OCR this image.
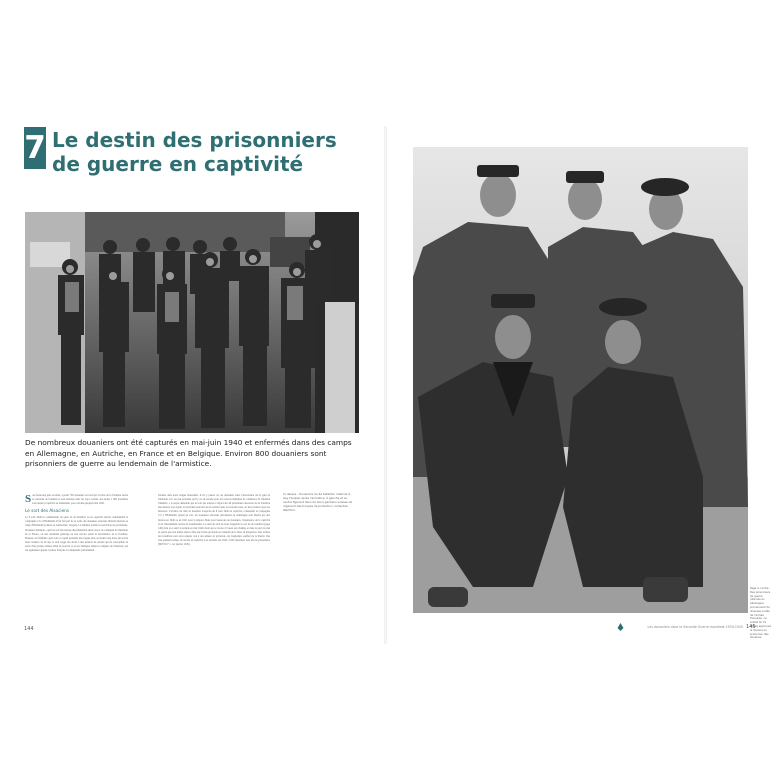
7 Le destin des prisonniers
de guerre en captivité

De nombreux douaniers ont été capturés en mai-juin 1940 et enfermés dans des camps en Allemagne, en Autriche, en France et en Belgique. Environ 800 douaniers sont prisonniers de guerre au lendemain de l'armistice.

Sont beaucoup plus en allée, à partir 700 douaniers ont envoyé à fronts de la frontière suivie sa sauvetée de l'ennemi et sont internés dans les pays voisins. Au moins 1 000 douaniers sont restés la captivité au lendemain, pour certains jusqu'en mai 1945.

Le sort des Alsaciens

Le 8 août 1940 le commandant du quart en 4e bataillon ou en captivité suivait commandant la compagnie 17e à l'Hohnleim. Il fut fait part de la sortie des douaniers alsaciens libérant internés au camp d'Hohnleim (canton de Guebwiller, Vosges). Le ministre traduit sa restriction de patriotisme. Douanier demande « qu'il ne soit fait aucune discrimination entre tous et ne cadiquant de l'intérieur de la France, ou une ensemble participe au leur service quant la surveillance de la frontière. Plusieur ces familiers qu'il sont la copien prendant une longue plus ou moins long mais qui seront dans certains cas 20 ans, le seul vegga des droits à une pension de retraite qui est susceptible de poser d'un groupe armées. Rien ne pouvait ce en ses bélingue séducer collègues de l'intérieur, qui ont également apprès à penser français et à impénétré parfaitement.

Tenante dans notre longue maternelle. Il n'a y penser on ces douaniers entre l'Alsacienne ont le gain de l'intérieur et il est peu probable qu'il y en ait aucune pour les ressorts multiples de commerce de l'identité d'intérêts. « Lorsque demande que ne soit pas adopté à l'égard des 49 prisonniers alsaciens de 4e bataillon une mesure trop rigide. Il précédent pouvant de les enrôler dans la nouvelle zone, en leur parlant rayon les dénoncer. L'archive du chef de bataillon lorsqu'un du 8 août 1940 en captivité, comandant la compagnie 17e à l'Hohnleim. Quant au sort, les douaniers alsaciens prisonniers en Allemagne sont libérés par une inverse en 1940 ou en 1941 pour la plupart. Mais pour beaucoup de douaniers, l'expérience de la captivité et de l'internement restera un traumatisme. La suite du récit de nous frappeller le sort du 4e bataillon (page 146) dont on a suivi le périple en mai 1940, mais qui se trouve à l'ouest aux champs et dans le pays la plus de garde que non utilisé dans la fête une forme profonde en l'ennemi de la mise en dispersion. Des soldats des bataillons sont alors séparés tout à des années de privation, ont longtemps souffert de la liberté. Des tout premiers temps, ils ont été en captivité. Les suivants ans 1945, 2 000 douaniers sont encore prisonniers (SDTD n° 1, 1er janvier 1945).

Ci-dessus : Douaniers du 4e bataillon internés à Issy (Suisse) après l'armistice. À gauche et au centre figurent deux de leurs gardiens suisses de régiment des troupes de protection. Collection Werthmi.
Page ci-contre : Des prisonniers de guerre internés en Allemagne proviennent de diverses unités de l'armée française ; le soldat du 7e stalag approuvé la douane ou prisonnier des douanes.
144	Les douaniers dans la Seconde Guerre mondiale 1939-1945 145
